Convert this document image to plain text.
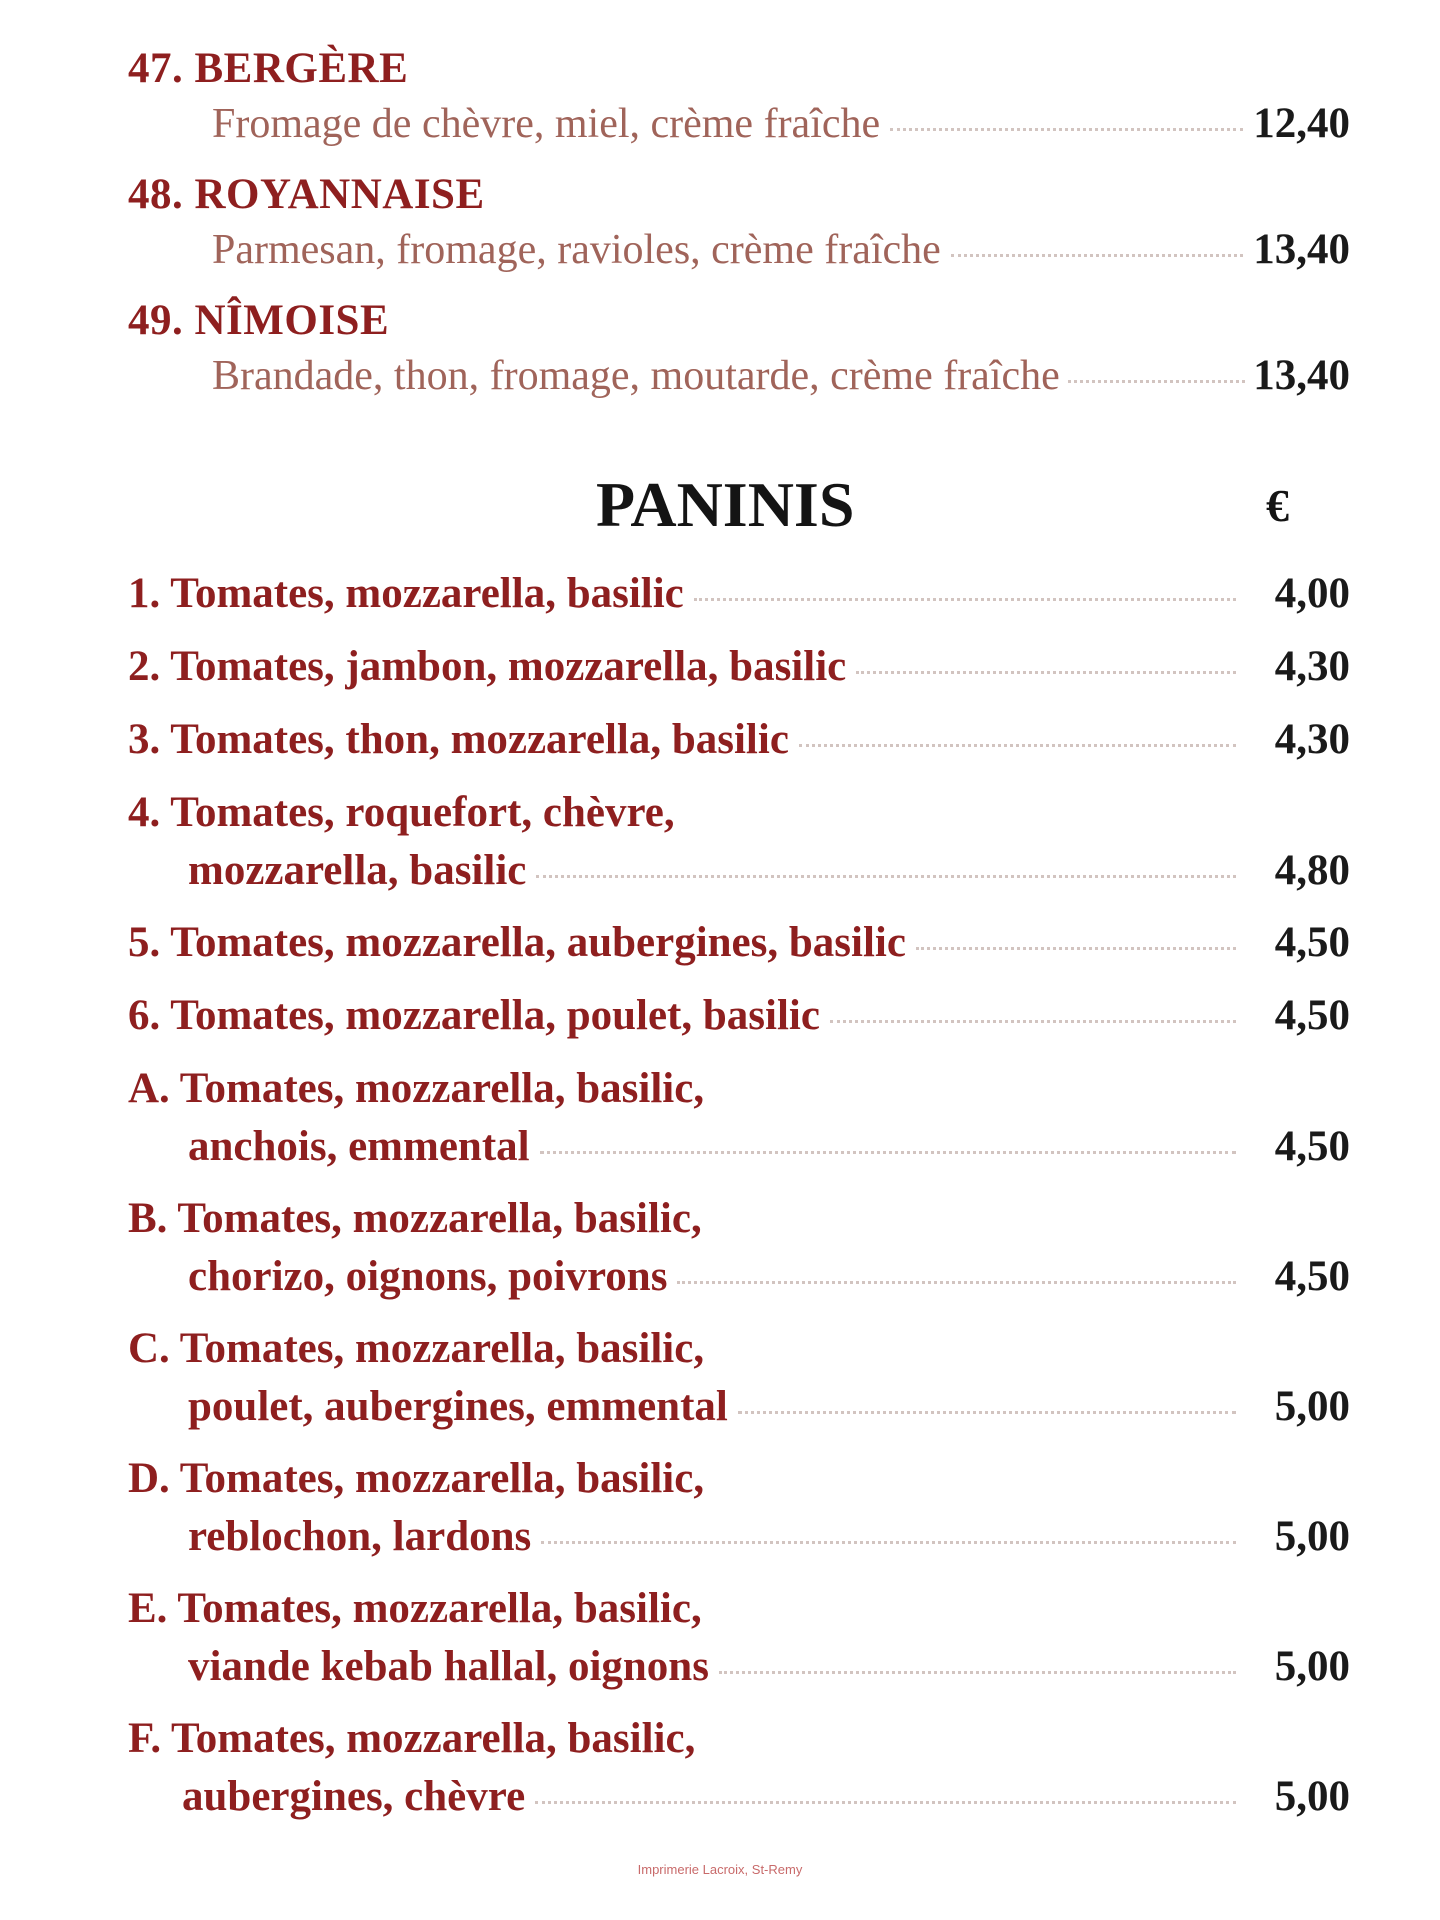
47. BERGÈRE
Fromage de chèvre, miel, crème fraîche	12,40
48. ROYANNAISE
Parmesan, fromage, ravioles, crème fraîche	13,40
49. NÎMOISE
Brandade, thon, fromage, moutarde, crème fraîche	13,40
PANINIS	€
1. Tomates, mozzarella, basilic	4,00
2. Tomates, jambon, mozzarella, basilic	4,30
3. Tomates, thon, mozzarella, basilic	4,30
4. Tomates, roquefort, chèvre,
mozzarella, basilic	4,80
5. Tomates, mozzarella, aubergines, basilic	4,50
6. Tomates, mozzarella, poulet, basilic	4,50
A. Tomates, mozzarella, basilic,
anchois, emmental	4,50
B. Tomates, mozzarella, basilic,
chorizo, oignons, poivrons	4,50
C. Tomates, mozzarella, basilic,
poulet, aubergines, emmental	5,00
D. Tomates, mozzarella, basilic,
reblochon, lardons	5,00
E. Tomates, mozzarella, basilic,
viande kebab hallal, oignons	5,00
F. Tomates, mozzarella, basilic,
aubergines, chèvre	5,00
Imprimerie Lacroix, St-Remy
